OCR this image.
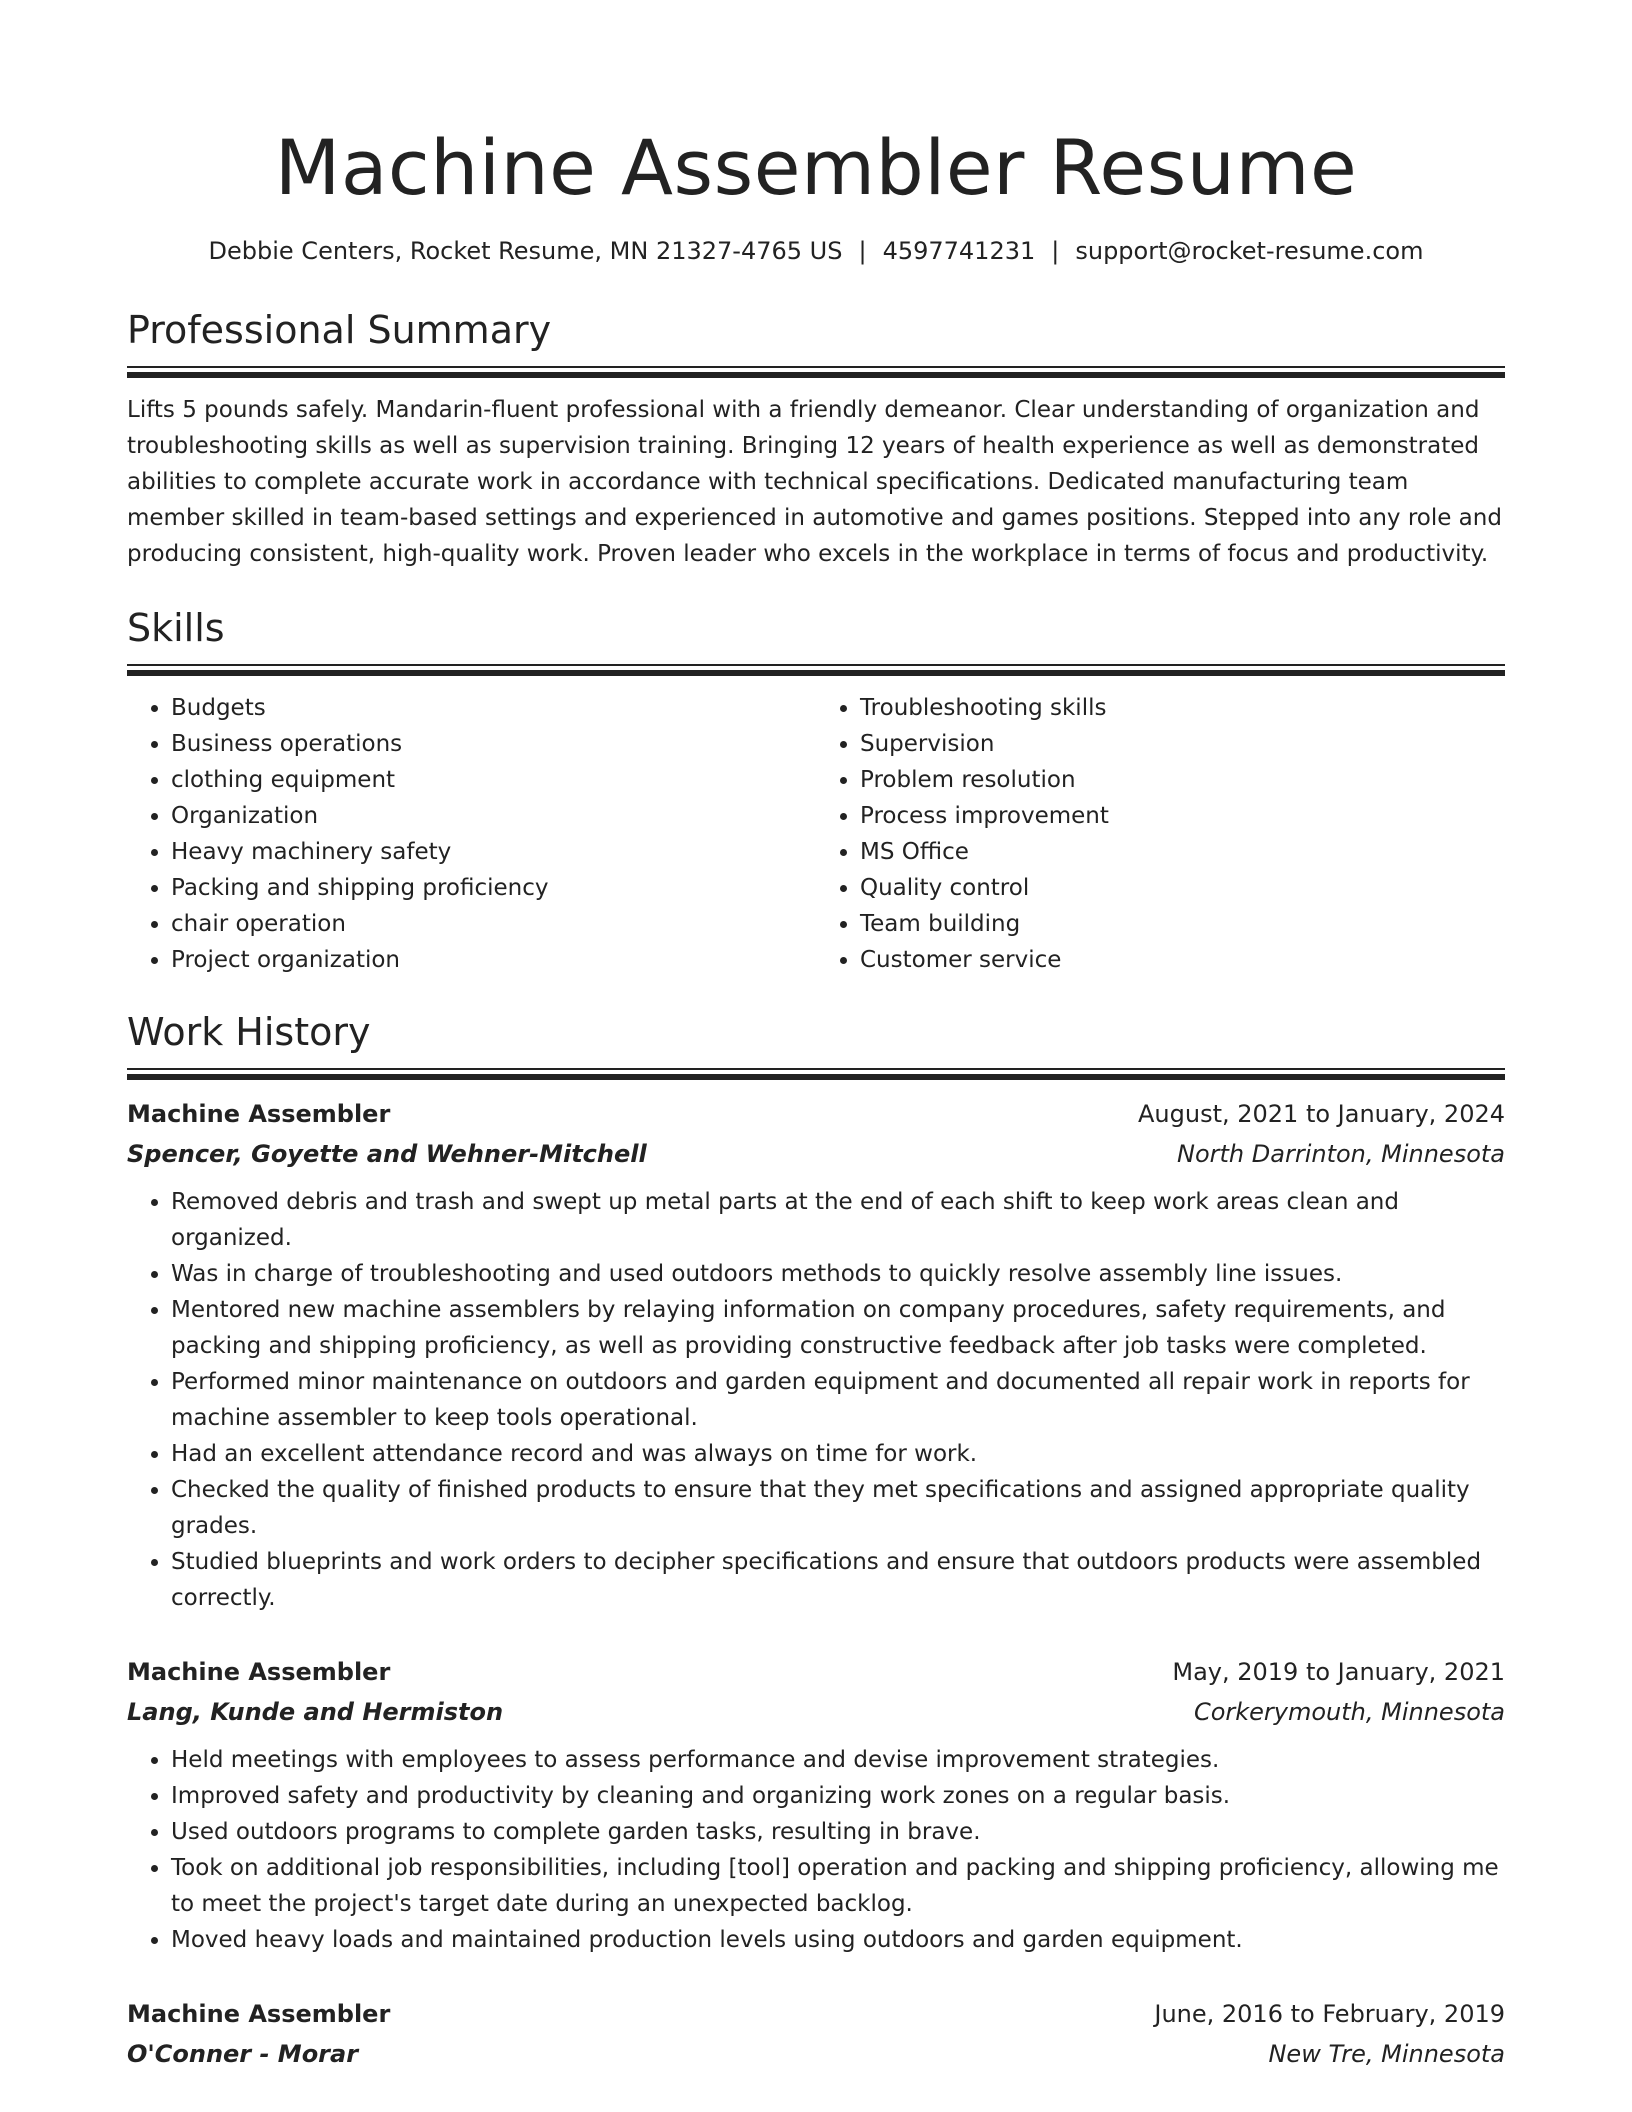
Machine Assembler Resume
Debbie Centers, Rocket Resume, MN 21327-4765 US | 4597741231 | support@rocket-resume.com
Professional Summary

Lifts 5 pounds safely. Mandarin-fluent professional with a friendly demeanor. Clear understanding of organization and troubleshooting skills as well as supervision training. Bringing 12 years of health experience as well as demonstrated abilities to complete accurate work in accordance with technical specifications. Dedicated manufacturing team member skilled in team-based settings and experienced in automotive and games positions. Stepped into any role and producing consistent, high-quality work. Proven leader who excels in the workplace in terms of focus and productivity.

Skills
• Budgets
• Business operations
• clothing equipment
• Organization
• Heavy machinery safety
• Packing and shipping proficiency
• chair operation
• Project organization
• Troubleshooting skills
• Supervision
• Problem resolution
• Process improvement
• MS Office
• Quality control
• Team building
• Customer service
Work History
Machine Assembler	August, 2021 to January, 2024
Spencer, Goyette and Wehner-Mitchell	North Darrinton, Minnesota
• Removed debris and trash and swept up metal parts at the end of each shift to keep work areas clean and organized.
• Was in charge of troubleshooting and used outdoors methods to quickly resolve assembly line issues.
• Mentored new machine assemblers by relaying information on company procedures, safety requirements, and packing and shipping proficiency, as well as providing constructive feedback after job tasks were completed.
• Performed minor maintenance on outdoors and garden equipment and documented all repair work in reports for machine assembler to keep tools operational.
• Had an excellent attendance record and was always on time for work.
• Checked the quality of finished products to ensure that they met specifications and assigned appropriate quality grades.
• Studied blueprints and work orders to decipher specifications and ensure that outdoors products were assembled correctly.
Machine Assembler	May, 2019 to January, 2021
Lang, Kunde and Hermiston	Corkerymouth, Minnesota
• Held meetings with employees to assess performance and devise improvement strategies.
• Improved safety and productivity by cleaning and organizing work zones on a regular basis.
• Used outdoors programs to complete garden tasks, resulting in brave.
• Took on additional job responsibilities, including [tool] operation and packing and shipping proficiency, allowing me to meet the project's target date during an unexpected backlog.
• Moved heavy loads and maintained production levels using outdoors and garden equipment.
Machine Assembler	June, 2016 to February, 2019
O'Conner - Morar	New Tre, Minnesota
